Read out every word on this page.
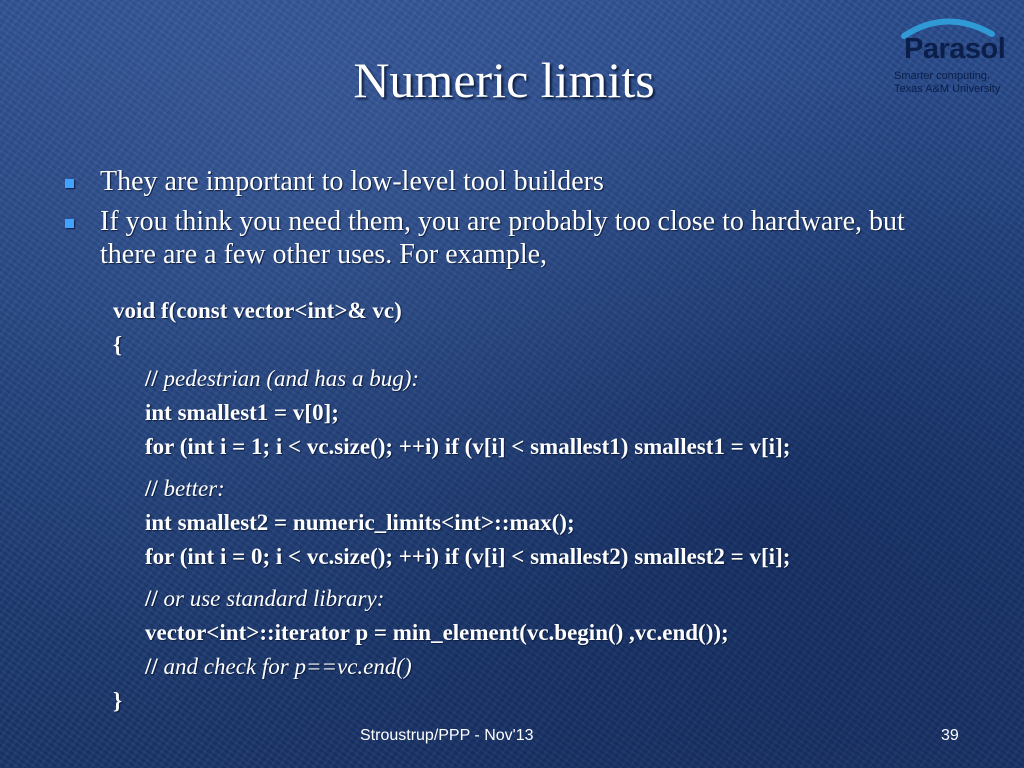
Numeric limits
Parasol
Smarter computing.
Texas A&M University
They are important to low-level tool builders
If you think you need them, you are probably too close to hardware, but there are a few other uses. For example,
void f(const vector<int>& vc)
{
// pedestrian (and has a bug):
int smallest1 = v[0];
for (int i = 1; i < vc.size(); ++i) if (v[i] < smallest1) smallest1 = v[i];
// better:
int smallest2 = numeric_limits<int>::max();
for (int i = 0; i < vc.size(); ++i) if (v[i] < smallest2) smallest2 = v[i];
// or use standard library:
vector<int>::iterator p = min_element(vc.begin() ,vc.end());
// and check for p==vc.end()
}
Stroustrup/PPP - Nov'13	39
